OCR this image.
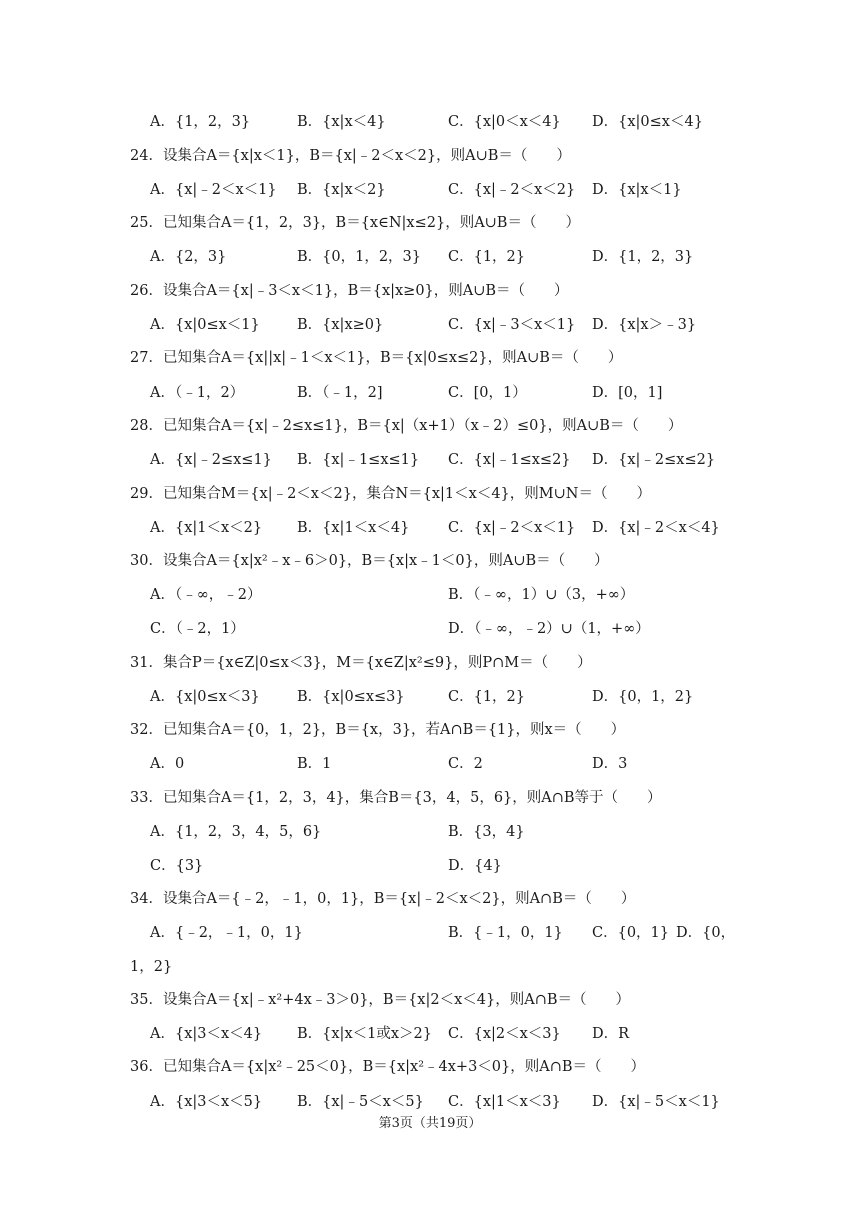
A．{1，2，3}	B．{x|x＜4}	C．{x|0＜x＜4} D．{x|0≤x＜4}
24．设集合A＝{x|x＜1}，B＝{x|﹣2＜x＜2}，则A∪B＝（　　）
A．{x|﹣2＜x＜1} B．{x|x＜2}	C．{x|﹣2＜x＜2} D．{x|x＜1}
25．已知集合A＝{1，2，3}，B＝{x∈N|x≤2}，则A∪B＝（　　）
A．{2，3}	B．{0，1，2，3} C．{1，2}	D．{1，2，3}
26．设集合A＝{x|﹣3＜x＜1}，B＝{x|x≥0}，则A∪B＝（　　）
A．{x|0≤x＜1}	B．{x|x≥0}	C．{x|﹣3＜x＜1} D．{x|x＞﹣3}
27．已知集合A＝{x||x|﹣1＜x＜1}，B＝{x|0≤x≤2}，则A∪B＝（　　）
A．（﹣1，2）	B．（﹣1，2]	C．[0，1）	D．[0，1]
28．已知集合A＝{x|﹣2≤x≤1}，B＝{x|（x+1）（x﹣2）≤0}，则A∪B＝（　　）
A．{x|﹣2≤x≤1} B．{x|﹣1≤x≤1} C．{x|﹣1≤x≤2} D．{x|﹣2≤x≤2}
29．已知集合M＝{x|﹣2＜x＜2}，集合N＝{x|1＜x＜4}，则M∪N＝（　　）
A．{x|1＜x＜2} B．{x|1＜x＜4}	C．{x|﹣2＜x＜1} D．{x|﹣2＜x＜4}
30．设集合A＝{x|x²﹣x﹣6＞0}，B＝{x|x﹣1＜0}，则A∪B＝（　　）
A．（﹣∞，﹣2）	B．（﹣∞，1）∪（3，+∞）
C．（﹣2，1）	D．（﹣∞，﹣2）∪（1，+∞）
31．集合P＝{x∈Z|0≤x＜3}，M＝{x∈Z|x²≤9}，则P∩M＝（　　）
A．{x|0≤x＜3}	B．{x|0≤x≤3}	C．{1，2}	D．{0，1，2}
32．已知集合A＝{0，1，2}，B＝{x，3}，若A∩B＝{1}，则x＝（　　）
A．0	B．1	C．2	D．3
33．已知集合A＝{1，2，3，4}，集合B＝{3，4，5，6}，则A∩B等于（　　）
A．{1，2，3，4，5，6}	B．{3，4}
C．{3}	D．{4}
34．设集合A＝{﹣2，﹣1，0，1}，B＝{x|﹣2＜x＜2}，则A∩B＝（　　）
A．{﹣2，﹣1，0，1}	B．{﹣1，0，1} C．{0，1} D．{0，
1，2}
35．设集合A＝{x|﹣x²+4x﹣3＞0}，B＝{x|2＜x＜4}，则A∩B＝（　　）
A．{x|3＜x＜4} B．{x|x＜1或x＞2} C．{x|2＜x＜3} D．R
36．已知集合A＝{x|x²﹣25＜0}，B＝{x|x²﹣4x+3＜0}，则A∩B＝（　　）
A．{x|3＜x＜5} B．{x|﹣5＜x＜5} C．{x|1＜x＜3} D．{x|﹣5＜x＜1}
第3页（共19页）
